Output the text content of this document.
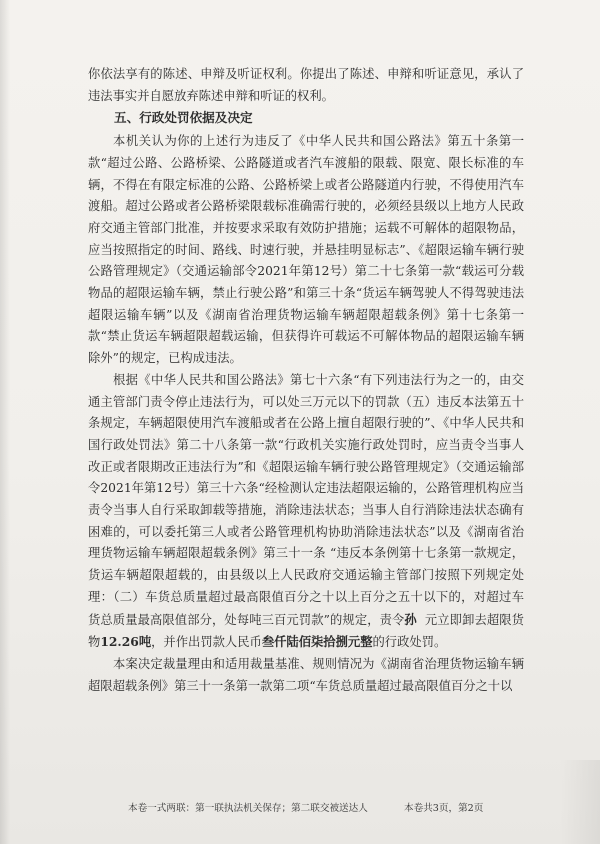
你依法享有的陈述、申辩及听证权利。你提出了陈述、申辩和听证意见，承认了违法事实并自愿放弃陈述申辩和听证的权利。

五、行政处罚依据及决定

本机关认为你的上述行为违反了《中华人民共和国公路法》第五十条第一款“超过公路、公路桥梁、公路隧道或者汽车渡船的限载、限宽、限长标准的车辆，不得在有限定标准的公路、公路桥梁上或者公路隧道内行驶，不得使用汽车渡船。超过公路或者公路桥梁限载标准确需行驶的，必须经县级以上地方人民政府交通主管部门批准，并按要求采取有效防护措施；运载不可解体的超限物品，应当按照指定的时间、路线、时速行驶，并悬挂明显标志”、《超限运输车辆行驶公路管理规定》（交通运输部令2021年第12号）第二十七条第一款“载运可分载物品的超限运输车辆，禁止行驶公路”和第三十条“货运车辆驾驶人不得驾驶违法超限运输车辆”以及《湖南省治理货物运输车辆超限超载条例》第十七条第一款“禁止货运车辆超限超载运输，但获得许可载运不可解体物品的超限运输车辆除外”的规定，已构成违法。

根据《中华人民共和国公路法》第七十六条“有下列违法行为之一的，由交通主管部门责令停止违法行为，可以处三万元以下的罚款（五）违反本法第五十条规定，车辆超限使用汽车渡船或者在公路上擅自超限行驶的”、《中华人民共和国行政处罚法》第二十八条第一款“行政机关实施行政处罚时，应当责令当事人改正或者限期改正违法行为”和《超限运输车辆行驶公路管理规定》（交通运输部令2021年第12号）第三十六条“经检测认定违法超限运输的，公路管理机构应当责令当事人自行采取卸载等措施，消除违法状态；当事人自行消除违法状态确有困难的，可以委托第三人或者公路管理机构协助消除违法状态”以及《湖南省治理货物运输车辆超限超载条例》第三十一条 “违反本条例第十七条第一款规定，货运车辆超限超载的，由县级以上人民政府交通运输主管部门按照下列规定处理：（二）车货总质量超过最高限值百分之十以上百分之五十以下的，对超过车货总质量最高限值部分，处每吨三百元罚款”的规定，责令孙 元立即卸去超限货物12.26吨，并作出罚款人民币叁仟陆佰柒拾捌元整的行政处罚。

本案决定裁量理由和适用裁量基准、规则情况为《湖南省治理货物运输车辆超限超载条例》第三十一条第一款第二项“车货总质量超过最高限值百分之十以

本卷一式两联：第一联执法机关保存；第二联交被送达人	本卷共3页，第2页
